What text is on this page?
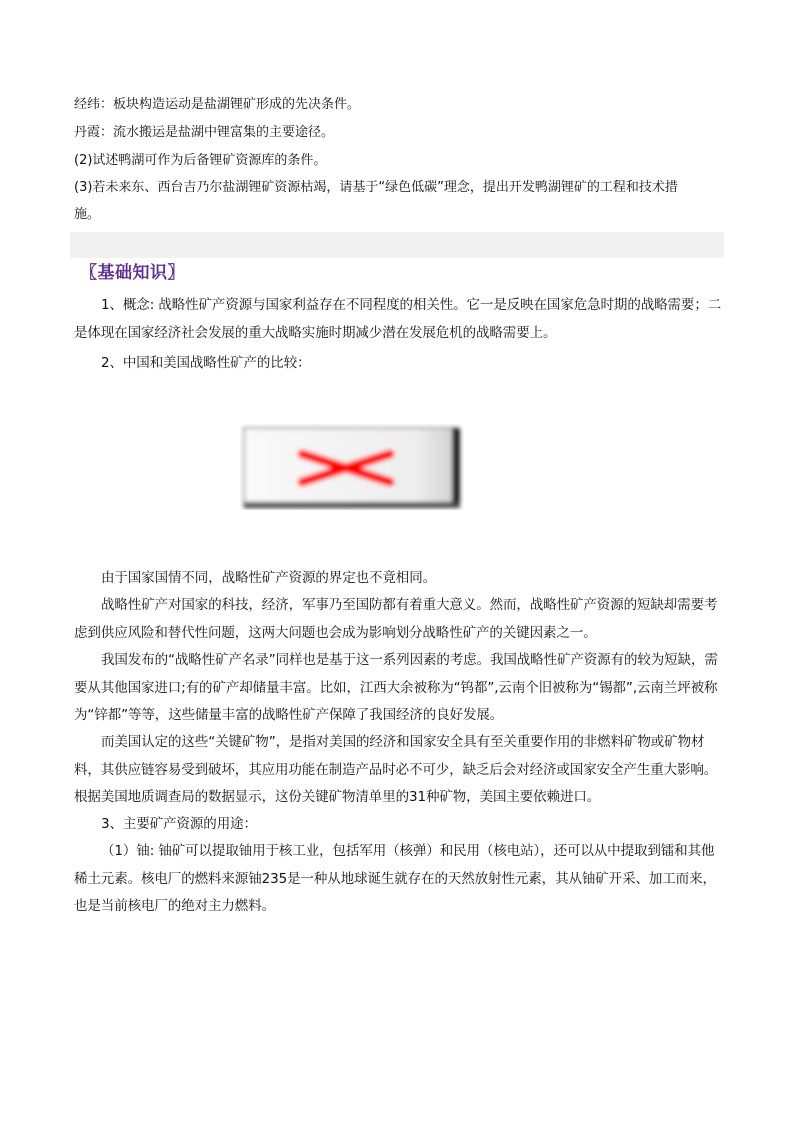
经纬：板块构造运动是盐湖锂矿形成的先决条件。
丹霞：流水搬运是盐湖中锂富集的主要途径。
(2)试述鸭湖可作为后备锂矿资源库的条件。
(3)若未来东、西台吉乃尔盐湖锂矿资源枯竭，请基于“绿色低碳”理念，提出开发鸭湖锂矿的工程和技术措
施。
〖基础知识〗
1、概念: 战略性矿产资源与国家利益存在不同程度的相关性。它一是反映在国家危急时期的战略需要；二是体现在国家经济社会发展的重大战略实施时期减少潜在发展危机的战略需要上。
2、中国和美国战略性矿产的比较：
由于国家国情不同，战略性矿产资源的界定也不竟相同。
战略性矿产对国家的科技，经济，军事乃至国防都有着重大意义。然而，战略性矿产资源的短缺却需要考虑到供应风险和替代性问题，这两大问题也会成为影响划分战略性矿产的关键因素之一。
我国发布的“战略性矿产名录”同样也是基于这一系列因素的考虑。我国战略性矿产资源有的较为短缺，需要从其他国家进口;有的矿产却储量丰富。比如，江西大余被称为“钨都”,云南个旧被称为“锡都”,云南兰坪被称为“锌都”等等，这些储量丰富的战略性矿产保障了我国经济的良好发展。
而美国认定的这些“关键矿物”，是指对美国的经济和国家安全具有至关重要作用的非燃料矿物或矿物材料，其供应链容易受到破坏，其应用功能在制造产品时必不可少，缺乏后会对经济或国家安全产生重大影响。根据美国地质调查局的数据显示，这份关键矿物清单里的31种矿物，美国主要依赖进口。
3、主要矿产资源的用途：
（1）铀: 铀矿可以提取铀用于核工业，包括军用（核弹）和民用（核电站），还可以从中提取到镭和其他稀土元素。核电厂的燃料来源铀235是一种从地球诞生就存在的天然放射性元素，其从铀矿开采、加工而来，也是当前核电厂的绝对主力燃料。
